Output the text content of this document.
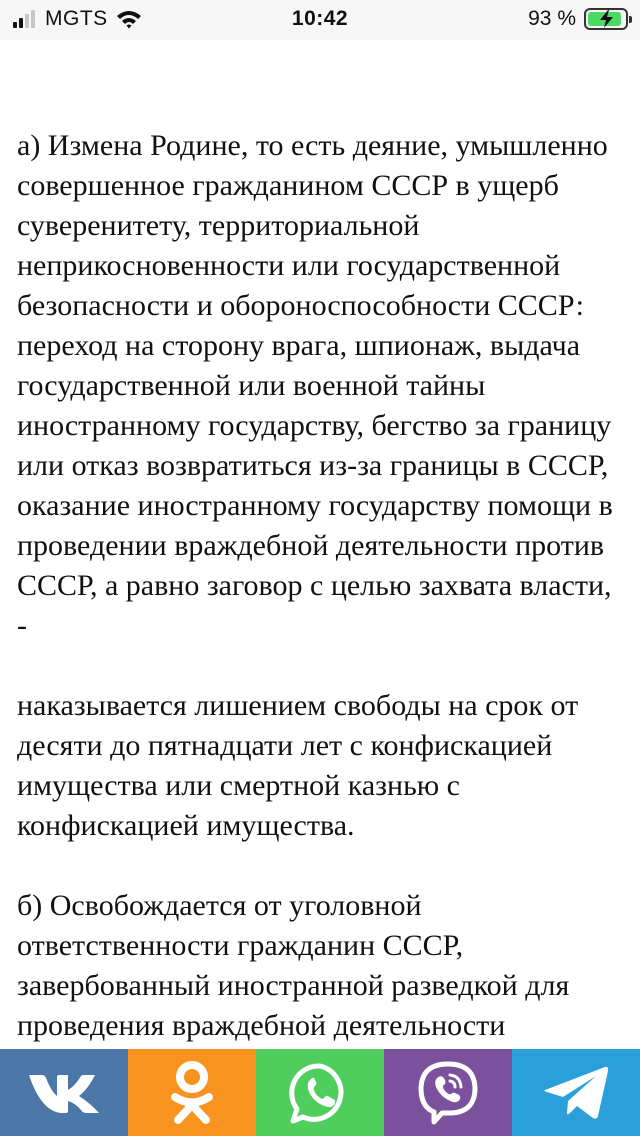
MGTS	10:42	93 %

а) Измена Родине, то есть деяние, умышленно совершенное гражданином СССР в ущерб суверенитету, территориальной неприкосновенности или государственной безопасности и обороноспособности СССР: переход на сторону врага, шпионаж, выдача государственной или военной тайны иностранному государству, бегство за границу или отказ возвратиться из-за границы в СССР, оказание иностранному государству помощи в проведении враждебной деятельности против СССР, а равно заговор с целью захвата власти, -

наказывается лишением свободы на срок от десяти до пятнадцати лет с конфискацией имущества или смертной казнью с конфискацией имущества.

б) Освобождается от уголовной ответственности гражданин СССР, завербованный иностранной разведкой для проведения враждебной деятельности
